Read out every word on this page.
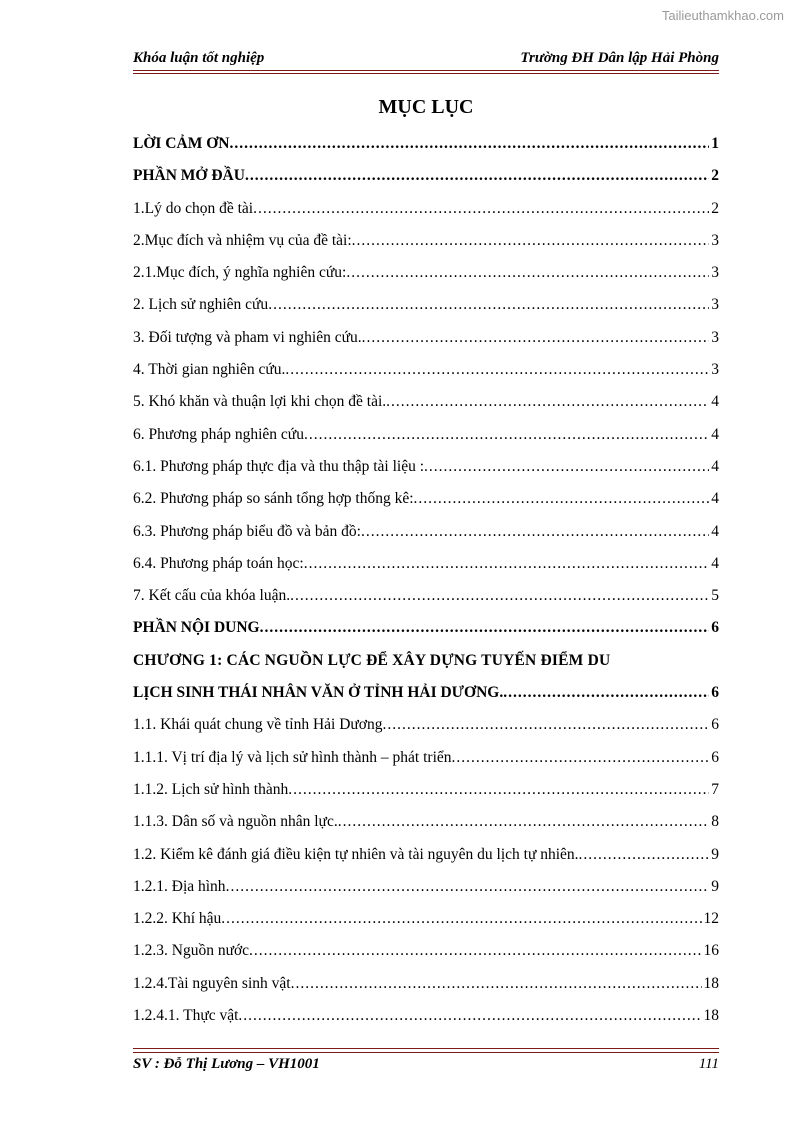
Tailieuthamkhao.com
Khóa luận tốt nghiệp	Trường ĐH Dân lập Hải Phòng
MỤC LỤC
LỜI CẢM ƠN .....	1
PHẦN MỞ ĐẦU .....	2
1.Lý do chọn đề tài .....	2
2.Mục đích và nhiệm vụ của đề tài: .....	3
2.1.Mục đích, ý nghĩa nghiên cứu: .....	3
2. Lịch sử nghiên cứu .....	3
3. Đối tượng và pham vi nghiên cứu. .....	3
4. Thời gian nghiên cứu. .....	3
5. Khó khăn và thuận lợi khi chọn đề tài. .....	4
6. Phương pháp nghiên cứu .....	4
6.1. Phương pháp thực địa và thu thập tài liệu : .....	4
6.2. Phương pháp so sánh tổng hợp thống kê: .....	4
6.3. Phương pháp biểu đồ và bản đồ: .....	4
6.4. Phương pháp toán học: .....	4
7. Kết cấu của khóa luận. .....	5
PHẦN NỘI DUNG .....	6
CHƯƠNG 1: CÁC NGUỒN LỰC ĐỂ XÂY DỰNG TUYẾN ĐIỂM DU
LỊCH SINH THÁI NHÂN VĂN Ở TỈNH HẢI DƯƠNG. .....	6
1.1. Khái quát chung về tỉnh Hải Dương .....	6
1.1.1. Vị trí địa lý và lịch sử hình thành – phát triển .....	6
1.1.2. Lịch sử hình thành .....	7
1.1.3. Dân số và nguồn nhân lực. .....	8
1.2. Kiểm kê đánh giá điều kiện tự nhiên và tài nguyên du lịch tự nhiên. .....	9
1.2.1. Địa hình .....	9
1.2.2. Khí hậu .....	12
1.2.3. Nguồn nước .....	16
1.2.4.Tài nguyên sinh vật .....	18
1.2.4.1. Thực vật .....	18
SV : Đỗ Thị Lương – VH1001	111
